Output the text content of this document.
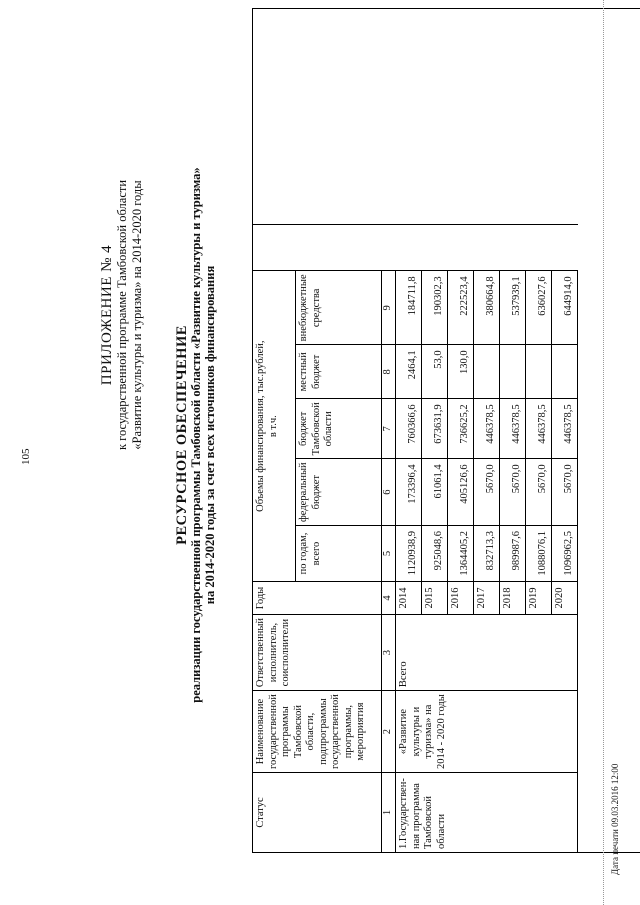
105
ПРИЛОЖЕНИЕ № 4 к государственной программе Тамбовской области «Развитие культуры и туризма» на 2014-2020 годы РЕСУРСНОЕ ОБЕСПЕЧЕНИЕ реализации государственной программы Тамбовской области «Развитие культуры и туризма» на 2014-2020 годы за счет всех источников финансирования
Статус	Наименование государственной программы Тамбовской области, подпрограммы государственной программы, мероприятия	Ответственный исполнитель, соисполнители	Годы	Объемы финансирования, тыс.рублей, в т.ч.					
				по годам, всего	федеральный бюджет	бюджет Тамбовской области	местный бюджет	внебюджетные средства	
1	2	3	4	5	6	7	8	9	
1.Государствен-ная программа Тамбовской области	«Развитие культуры и туризма» на 2014 - 2020 годы	Всего	2014	1120938,9	173396,4	760366,6	2464,1	184711,8	
			2015	925048,6	61061,4	673631,9	53,0	190302,3	
			2016	1364405,2	405126,6	736625,2	130,0	222523,4	
			2017	832713,3	5670,0	446378,5		380664,8	
			2018	989987,6	5670,0	446378,5		537939,1	
			2019	1088076,1	5670,0	446378,5		636027,6	
			2020	1096962,5	5670,0	446378,5		644914,0	
Дата печати 09.03.2016 12:00
